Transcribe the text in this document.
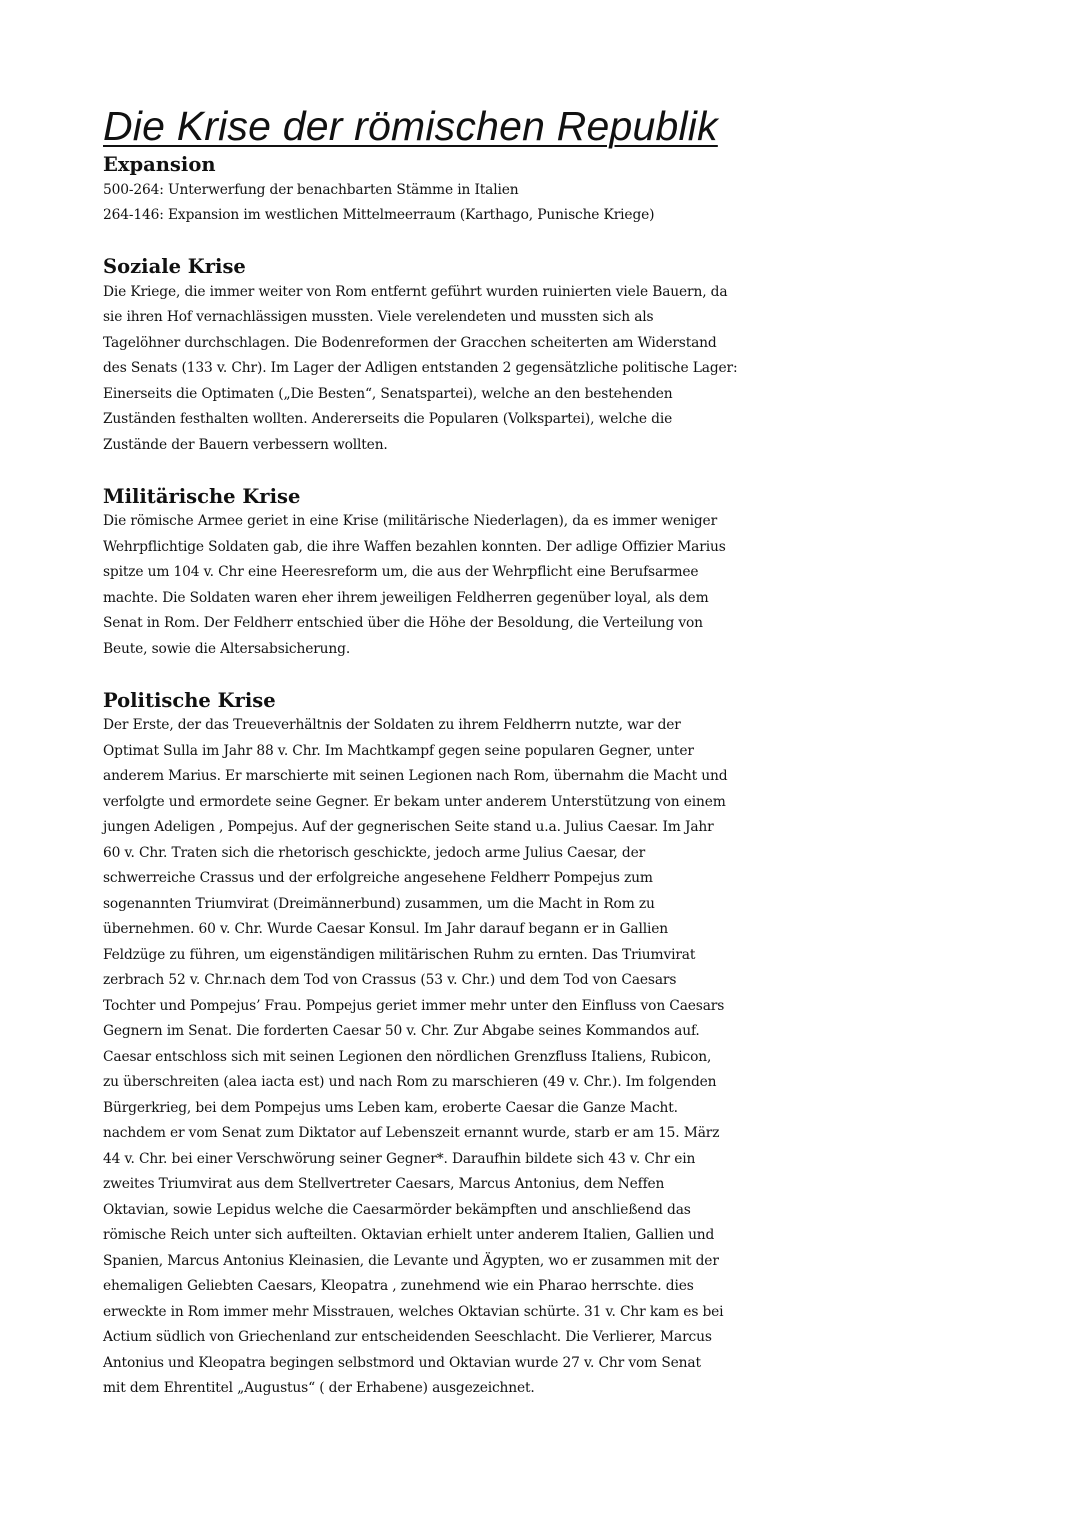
Die Krise der römischen Republik
Expansion
500-264: Unterwerfung der benachbarten Stämme in Italien
264-146: Expansion im westlichen Mittelmeerraum (Karthago, Punische Kriege)
Soziale Krise
Die Kriege, die immer weiter von Rom entfernt geführt wurden ruinierten viele Bauern, da
sie ihren Hof vernachlässigen mussten. Viele verelendeten und mussten sich als
Tagelöhner durchschlagen. Die Bodenreformen der Gracchen scheiterten am Widerstand
des Senats (133 v. Chr). Im Lager der Adligen entstanden 2 gegensätzliche politische Lager:
Einerseits die Optimaten („Die Besten“, Senatspartei), welche an den bestehenden
Zuständen festhalten wollten. Andererseits die Popularen (Volkspartei), welche die
Zustände der Bauern verbessern wollten.
Militärische Krise
Die römische Armee geriet in eine Krise (militärische Niederlagen), da es immer weniger
Wehrpflichtige Soldaten gab, die ihre Waffen bezahlen konnten. Der adlige Offizier Marius
spitze um 104 v. Chr eine Heeresreform um, die aus der Wehrpflicht eine Berufsarmee
machte. Die Soldaten waren eher ihrem jeweiligen Feldherren gegenüber loyal, als dem
Senat in Rom. Der Feldherr entschied über die Höhe der Besoldung, die Verteilung von
Beute, sowie die Altersabsicherung.
Politische Krise
Der Erste, der das Treueverhältnis der Soldaten zu ihrem Feldherrn nutzte, war der
Optimat Sulla im Jahr 88 v. Chr. Im Machtkampf gegen seine popularen Gegner, unter
anderem Marius. Er marschierte mit seinen Legionen nach Rom, übernahm die Macht und
verfolgte und ermordete seine Gegner. Er bekam unter anderem Unterstützung von einem
jungen Adeligen , Pompejus. Auf der gegnerischen Seite stand u.a. Julius Caesar. Im Jahr
60 v. Chr. Traten sich die rhetorisch geschickte, jedoch arme Julius Caesar, der
schwerreiche Crassus und der erfolgreiche angesehene Feldherr Pompejus zum
sogenannten Triumvirat (Dreimännerbund) zusammen, um die Macht in Rom zu
übernehmen. 60 v. Chr. Wurde Caesar Konsul. Im Jahr darauf begann er in Gallien
Feldzüge zu führen, um eigenständigen militärischen Ruhm zu ernten. Das Triumvirat
zerbrach 52 v. Chr.nach dem Tod von Crassus (53 v. Chr.) und dem Tod von Caesars
Tochter und Pompejus’ Frau. Pompejus geriet immer mehr unter den Einfluss von Caesars
Gegnern im Senat. Die forderten Caesar 50 v. Chr. Zur Abgabe seines Kommandos auf.
Caesar entschloss sich mit seinen Legionen den nördlichen Grenzfluss Italiens, Rubicon,
zu überschreiten (alea iacta est) und nach Rom zu marschieren (49 v. Chr.). Im folgenden
Bürgerkrieg, bei dem Pompejus ums Leben kam, eroberte Caesar die Ganze Macht.
nachdem er vom Senat zum Diktator auf Lebenszeit ernannt wurde, starb er am 15. März
44 v. Chr. bei einer Verschwörung seiner Gegner*. Daraufhin bildete sich 43 v. Chr ein
zweites Triumvirat aus dem Stellvertreter Caesars, Marcus Antonius, dem Neffen
Oktavian, sowie Lepidus welche die Caesarmörder bekämpften und anschließend das
römische Reich unter sich aufteilten. Oktavian erhielt unter anderem Italien, Gallien und
Spanien, Marcus Antonius Kleinasien, die Levante und Ägypten, wo er zusammen mit der
ehemaligen Geliebten Caesars, Kleopatra , zunehmend wie ein Pharao herrschte. dies
erweckte in Rom immer mehr Misstrauen, welches Oktavian schürte. 31 v. Chr kam es bei
Actium südlich von Griechenland zur entscheidenden Seeschlacht. Die Verlierer, Marcus
Antonius und Kleopatra begingen selbstmord und Oktavian wurde 27 v. Chr vom Senat
mit dem Ehrentitel „Augustus“ ( der Erhabene) ausgezeichnet.
